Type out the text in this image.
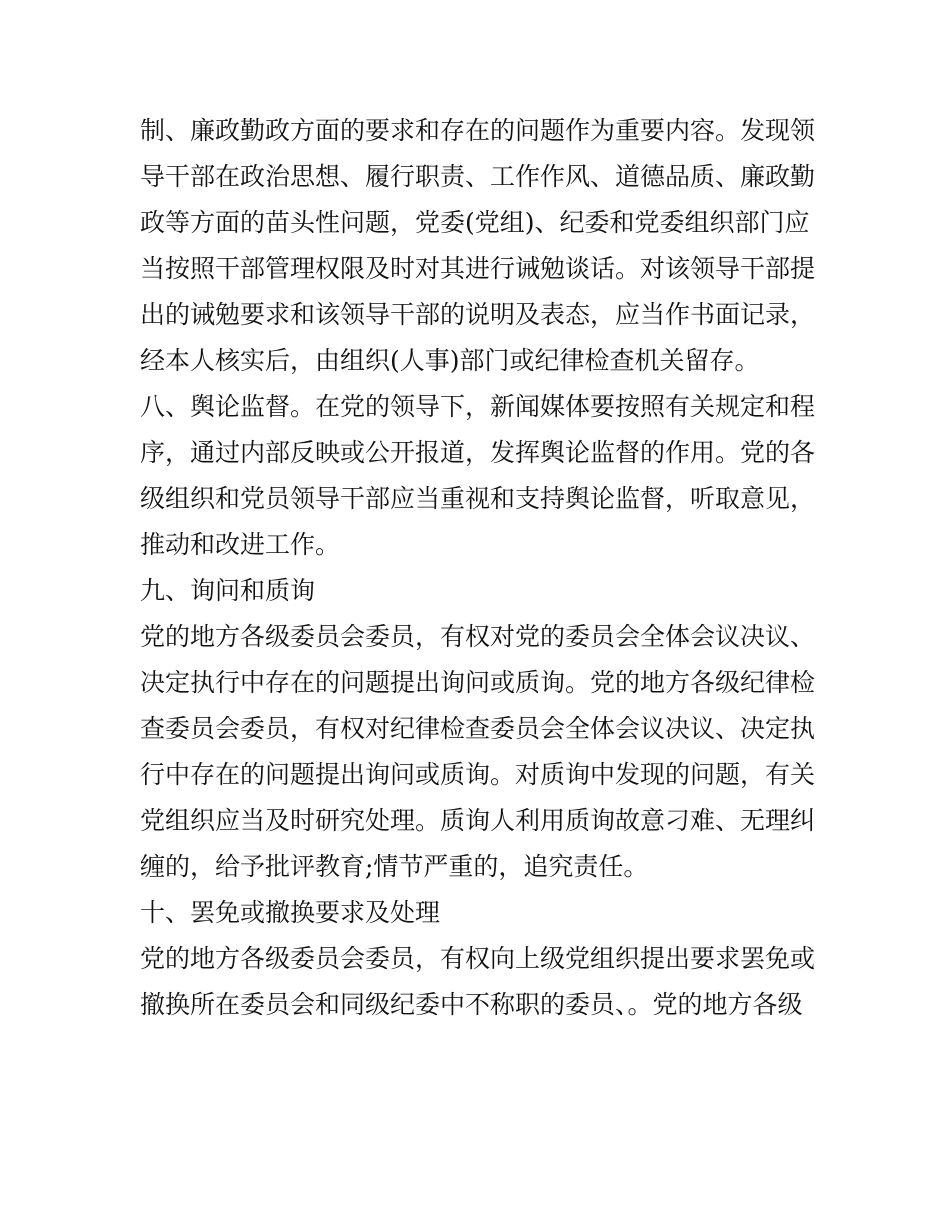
制、廉政勤政方面的要求和存在的问题作为重要内容。发现领

导干部在政治思想、履行职责、工作作风、道德品质、廉政勤

政等方面的苗头性问题，党委(党组)、纪委和党委组织部门应

当按照干部管理权限及时对其进行诫勉谈话。对该领导干部提

出的诫勉要求和该领导干部的说明及表态，应当作书面记录，

经本人核实后，由组织(人事)部门或纪律检查机关留存。

八、舆论监督。在党的领导下，新闻媒体要按照有关规定和程

序，通过内部反映或公开报道，发挥舆论监督的作用。党的各

级组织和党员领导干部应当重视和支持舆论监督，听取意见，

推动和改进工作。

九、询问和质询

党的地方各级委员会委员，有权对党的委员会全体会议决议、

决定执行中存在的问题提出询问或质询。党的地方各级纪律检

查委员会委员，有权对纪律检查委员会全体会议决议、决定执

行中存在的问题提出询问或质询。对质询中发现的问题，有关

党组织应当及时研究处理。质询人利用质询故意刁难、无理纠

缠的，给予批评教育;情节严重的，追究责任。

十、罢免或撤换要求及处理

党的地方各级委员会委员，有权向上级党组织提出要求罢免或

撤换所在委员会和同级纪委中不称职的委员、。党的地方各级
